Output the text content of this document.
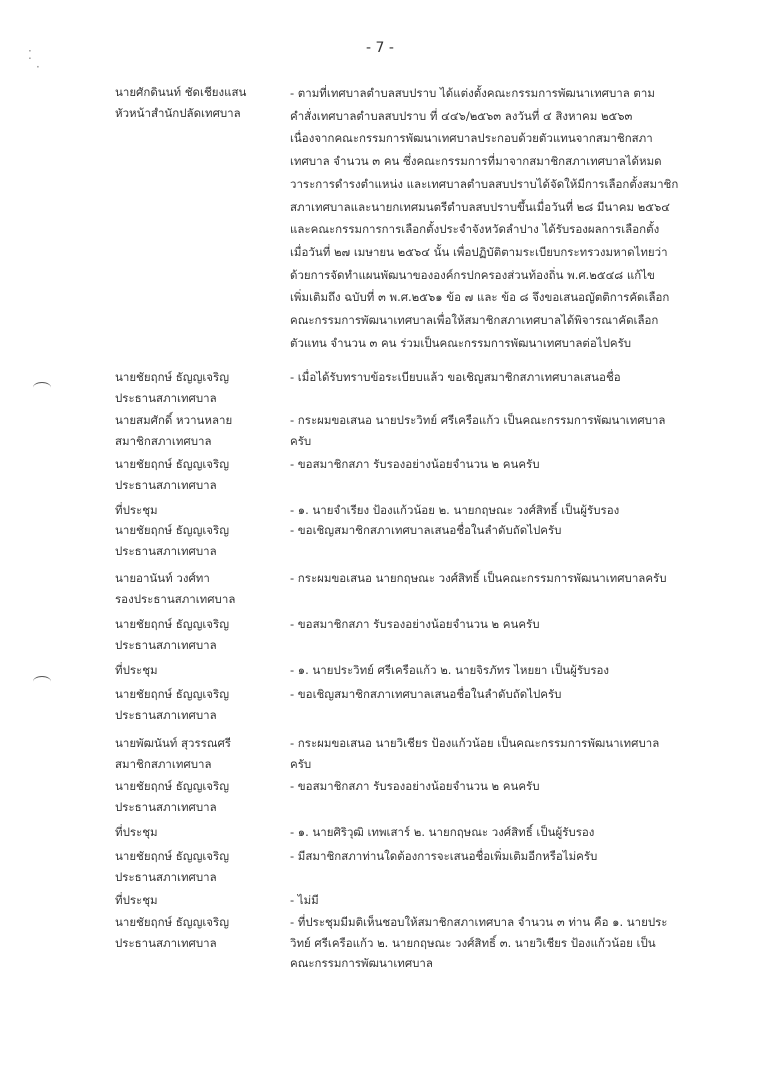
- 7 -
⁚
·
นายศักดินนท์ ชัดเชียงแสน
หัวหน้าสำนักปลัดเทศบาล
- ตามที่เทศบาลตำบลสบปราบ ได้แต่งตั้งคณะกรรมการพัฒนาเทศบาล ตาม
คำสั่งเทศบาลตำบลสบปราบ ที่ ๔๔๖/๒๕๖๓ ลงวันที่ ๔ สิงหาคม ๒๕๖๓
เนื่องจากคณะกรรมการพัฒนาเทศบาลประกอบด้วยตัวแทนจากสมาชิกสภา
เทศบาล จำนวน ๓ คน ซึ่งคณะกรรมการที่มาจากสมาชิกสภาเทศบาลได้หมด
วาระการดำรงตำแหน่ง และเทศบาลตำบลสบปราบได้จัดให้มีการเลือกตั้งสมาชิก
สภาเทศบาลและนายกเทศมนตรีตำบลสบปราบขึ้นเมื่อวันที่ ๒๘ มีนาคม ๒๕๖๔
และคณะกรรมการการเลือกตั้งประจำจังหวัดลำปาง ได้รับรองผลการเลือกตั้ง
เมื่อวันที่ ๒๗ เมษายน ๒๕๖๔ นั้น เพื่อปฏิบัติตามระเบียบกระทรวงมหาดไทยว่า
ด้วยการจัดทำแผนพัฒนาขององค์กรปกครองส่วนท้องถิ่น พ.ศ.๒๕๔๘ แก้ไข
เพิ่มเติมถึง ฉบับที่ ๓ พ.ศ.๒๕๖๑ ข้อ ๗ และ ข้อ ๘ จึงขอเสนอญัตติการคัดเลือก
คณะกรรมการพัฒนาเทศบาลเพื่อให้สมาชิกสภาเทศบาลได้พิจารณาคัดเลือก
ตัวแทน จำนวน ๓ คน ร่วมเป็นคณะกรรมการพัฒนาเทศบาลต่อไปครับ
นายชัยฤกษ์ ธัญญเจริญ
ประธานสภาเทศบาล
- เมื่อได้รับทราบข้อระเบียบแล้ว ขอเชิญสมาชิกสภาเทศบาลเสนอชื่อ
นายสมศักดิ์ หวานหลาย
สมาชิกสภาเทศบาล
- กระผมขอเสนอ นายประวิทย์ ศรีเครือแก้ว เป็นคณะกรรมการพัฒนาเทศบาล
ครับ
นายชัยฤกษ์ ธัญญเจริญ
ประธานสภาเทศบาล
- ขอสมาชิกสภา รับรองอย่างน้อยจำนวน ๒ คนครับ
ที่ประชุม	- ๑. นายจำเรียง ป้องแก้วน้อย ๒. นายกฤษณะ วงศ์สิทธิ์ เป็นผู้รับรอง
นายชัยฤกษ์ ธัญญเจริญ
ประธานสภาเทศบาล
- ขอเชิญสมาชิกสภาเทศบาลเสนอชื่อในลำดับถัดไปครับ
นายอานันท์ วงศ์ทา
รองประธานสภาเทศบาล
- กระผมขอเสนอ นายกฤษณะ วงศ์สิทธิ์ เป็นคณะกรรมการพัฒนาเทศบาลครับ
นายชัยฤกษ์ ธัญญเจริญ
ประธานสภาเทศบาล
- ขอสมาชิกสภา รับรองอย่างน้อยจำนวน ๒ คนครับ
ที่ประชุม	- ๑. นายประวิทย์ ศรีเครือแก้ว ๒. นายจิรภัทร ไหยยา เป็นผู้รับรอง
นายชัยฤกษ์ ธัญญเจริญ
ประธานสภาเทศบาล
- ขอเชิญสมาชิกสภาเทศบาลเสนอชื่อในลำดับถัดไปครับ
นายพัฒนันท์ สุวรรณศรี
สมาชิกสภาเทศบาล
- กระผมขอเสนอ นายวิเชียร ป้องแก้วน้อย เป็นคณะกรรมการพัฒนาเทศบาล
ครับ
นายชัยฤกษ์ ธัญญเจริญ
ประธานสภาเทศบาล
- ขอสมาชิกสภา รับรองอย่างน้อยจำนวน ๒ คนครับ
ที่ประชุม	- ๑. นายศิริวุฒิ เทพเสาร์ ๒. นายกฤษณะ วงศ์สิทธิ์ เป็นผู้รับรอง
นายชัยฤกษ์ ธัญญเจริญ
ประธานสภาเทศบาล
- มีสมาชิกสภาท่านใดต้องการจะเสนอชื่อเพิ่มเติมอีกหรือไม่ครับ
ที่ประชุม	- ไม่มี
นายชัยฤกษ์ ธัญญเจริญ
ประธานสภาเทศบาล
- ที่ประชุมมีมติเห็นชอบให้สมาชิกสภาเทศบาล จำนวน ๓ ท่าน คือ ๑. นายประ
วิทย์ ศรีเครือแก้ว ๒. นายกฤษณะ วงศ์สิทธิ์ ๓. นายวิเชียร ป้องแก้วน้อย เป็น
คณะกรรมการพัฒนาเทศบาล
